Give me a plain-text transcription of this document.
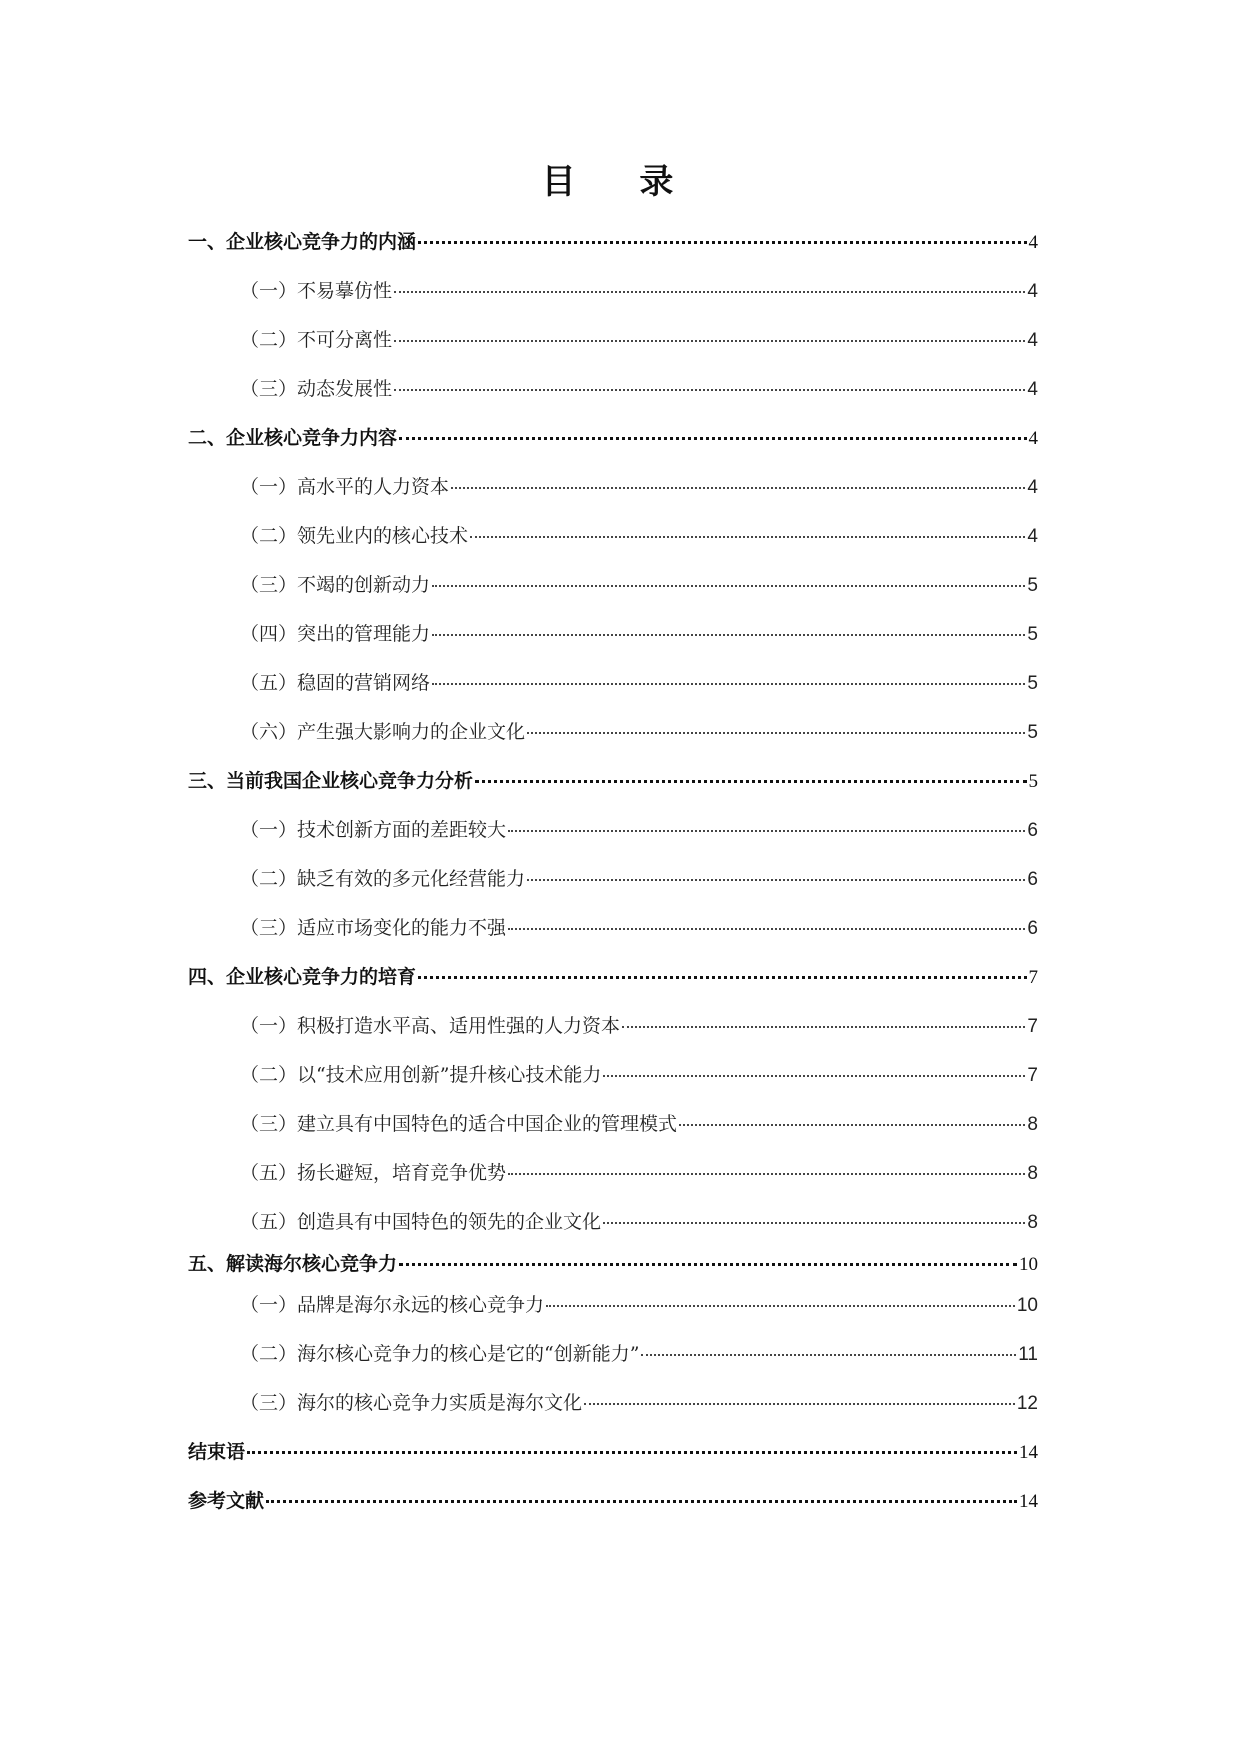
目 录
一、企业核心竞争力的内涵	4
（一）不易摹仿性	4
（二）不可分离性	4
（三）动态发展性	4
二、企业核心竞争力内容	4
（一）高水平的人力资本	4
（二）领先业内的核心技术	4
（三）不竭的创新动力	5
（四）突出的管理能力	5
（五）稳固的营销网络	5
（六）产生强大影响力的企业文化	5
三、当前我国企业核心竞争力分析	5
（一）技术创新方面的差距较大	6
（二）缺乏有效的多元化经营能力	6
（三）适应市场变化的能力不强	6
四、企业核心竞争力的培育	7
（一）积极打造水平高、适用性强的人力资本	7
（二）以“技术应用创新”提升核心技术能力	7
（三）建立具有中国特色的适合中国企业的管理模式	8
（五）扬长避短，培育竞争优势	8
（五）创造具有中国特色的领先的企业文化	8
五、解读海尔核心竞争力	10
（一）品牌是海尔永远的核心竞争力	10
（二）海尔核心竞争力的核心是它的“创新能力”	11
（三）海尔的核心竞争力实质是海尔文化	12
结束语	14
参考文献	14
